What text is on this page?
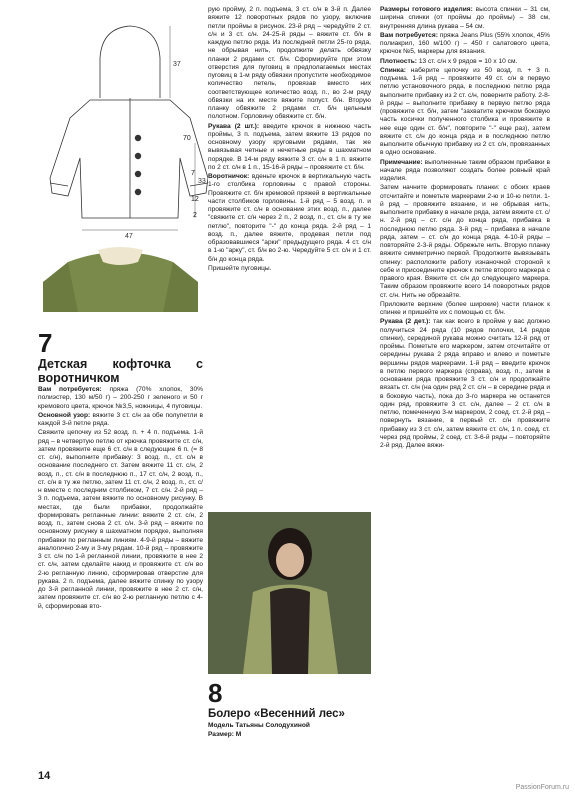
37
33
47
70
7
12
2

7

Детская кофточка с воротничком

Вам потребуется: пряжа (70% хлопок, 30% полиэстер, 130 м/50 г) – 200-250 г зеленого и 50 г кремового цвета, крючок №3,5, ножницы, 4 пуговицы.

Основной узор: вяжите 3 ст. с/н за обе полупетли в каждой 3-й петле ряда.

Свяжите цепочку из 52 возд. п. + 4 п. подъема. 1-й ряд – в четвертую петлю от крючка провяжите ст. с/н, затем провяжите еще 6 ст. с/н в следующие 6 п. (= 8 ст. с/н), выполните прибавку: 3 возд. п., ст. с/н в основание последнего ст. Затем вяжите 11 ст. с/н, 2 возд. п., ст. с/н в последнюю п., 17 ст. с/н, 2 возд. п., ст. с/н в ту же петлю, затем 11 ст. с/н, 2 возд. п., ст. с/н вместе с последним столбиком, 7 ст. с/н. 2-й ряд – 3 п. подъема, затем вяжите по основному рисунку. В местах, где были прибавки, продолжайте формировать регланные линии: вяжите 2 ст. с/н, 2 возд. п., затем снова 2 ст. с/н. 3-й ряд – вяжите по основному рисунку в шахматном порядке, выполняя прибавки по регланным линиям. 4-9-й ряды – вяжите аналогично 2-му и 3-му рядам. 10-й ряд – провяжите 3 ст. с/н по 1-й регланной линии, провяжите в нее 2 ст. с/н, затем сделайте накид и провяжите ст. с/н во 2-ю регланную линию, сформировав отверстие для рукава. 2 п. подъема, далее вяжите спинку по узору до 3-й регланной линии, провяжите в нее 2 ст. с/н, затем провяжите ст. с/н во 2-ю регланную петлю с 4-й, сформировав вто-

рую пройму, 2 п. подъема, 3 ст. с/н в 3-й п. Далее вяжите 12 поворотных рядов по узору, включив петли проймы в рисунок. 23-й ряд – чередуйте 2 ст. с/н и 3 ст. с/н. 24-25-й ряды – вяжите ст. б/н в каждую петлю ряда. Из последней петли 25-го ряда, не обрывая нить, продолжите делать обвязку планки 2 рядами ст. б/н. Сформируйте при этом отверстия для пуговиц в предполагаемых местах пуговиц в 1-м ряду обвязки пропустите необходимое количество петель, провязав вместо них соответствующее количество возд. п., во 2-м ряду обвязки на их месте вяжите полуст. б/н. Вторую планку обвяжите 2 рядами ст. б/н цельным полотном. Горловину обвяжите ст. б/н.

Рукава (2 шт.): введите крючок в нижнюю часть проймы, 3 п. подъема, затем вяжите 13 рядов по основному узору круговыми рядами, так же вывязывая четные и нечетные ряды в шахматном порядке. В 14-м ряду вяжите 3 ст. с/н в 1 п. вяжите по 2 ст. с/н в 1 п., 15-16-й ряды – провяжите ст. б/н.

Воротничок: вденьте крючок в вертикальную часть 1-го столбика горловины с правой стороны. Провяжите ст. б/н кремовой пряжей в вертикальные части столбиков горловины. 1-й ряд – 5 возд. п. и провяжите ст. с/н в основание этих возд. п., далее "свяжите ст. с/н через 2 п., 2 возд. п., ст. с/н в ту же петлю", повторите "-" до конца ряда. 2-й ряд – 1 возд. п., далее вяжите, продевая петли под образовавшиеся "арки" предыдущего ряда. 4 ст. с/н в 1-ю "арку", ст. б/н во 2-ю. Чередуйте 5 ст. с/н и 1 ст. б/н до конца ряда.

Пришейте пуговицы.

8

Болеро «Весенний лес»

Модель Татьяны Солодухиной

Размер: М

Размеры готового изделия: высота спинки – 31 см, ширина спинки (от проймы до проймы) – 38 см, внутренняя длина рукава – 54 см.

Вам потребуется: пряжа Jeans Plus (55% хлопок, 45% полиакрил, 160 м/100 г) – 450 г салатового цвета, крючок №5, маркеры для вязания.

Плотность: 13 ст. с/н х 9 рядов = 10 х 10 см.

Спинка: наберите цепочку из 50 возд. п. + 3 п. подъема. 1-й ряд – провяжите 49 ст. с/н в первую петлю установочного ряда, в последнюю петлю ряда выполните прибавку из 2 ст. с/н, поверните работу. 2-8-й ряды – выполните прибавку в первую петлю ряда (провяжите ст. б/н, затем "захватите крючком боковую часть косички полученного столбика и провяжите в нее еще один ст. б/н", повторите "-" еще раз), затем вяжите ст. с/н до конца ряда и в последнюю петлю выполните обычную прибавку из 2 ст. с/н, провязанных в одно основание.

Примечание: выполненные таким образом прибавки в начале ряда позволяют создать более ровный край изделия.

Затем начните формировать планки: с обоих краев отсчитайте и пометьте маркерами 2-ю и 10-ю петли. 1-й ряд – провяжите вязание, и не обрывая нить, выполните прибавку в начале ряда, затем вяжите ст. с/н. 2-й ряд – ст. с/н до конца ряда, прибавка в последнюю петлю ряда. 3-й ряд – прибавка в начале ряда, затем – ст. с/н до конца ряда. 4-10-й ряды – повторяйте 2-3-й ряды. Обрежьте нить. Вторую планку вяжите симметрично первой. Продолжите вывязывать спинку: расположите работу изнаночной стороной к себе и присоедините крючок к петле второго маркера с правого края. Вяжите ст. с/н до следующего маркера. Таким образом провяжите всего 14 поворотных рядов ст. с/н. Нить не обрезайте.

Приложите верхние (более широкие) части планок к спинке и пришейте их с помощью ст. б/н.

Рукава (2 дет.): так как всего в пройме у вас должно получиться 24 ряда (10 рядов полочки, 14 рядов спинки), серединой рукава можно считать 12-й ряд от проймы. Пометьте его маркером, затем отсчитайте от середины рукава 2 ряда вправо и влево и пометьте вершины рядов маркерами. 1-й ряд – введите крючок в петлю первого маркера (справа), возд. п., затем в основании ряда провяжите 3 ст. с/н и продолжайте вязать ст. с/н (на один ряд 2 ст. с/н – в середине ряда и в боковую часть), пока до 3-го маркера не останется один ряд, провяжите 3 ст. с/н, далее – 2 ст. с/н в петлю, помеченную 3-м маркером, 2 соед. ст. 2-й ряд – повернуть вязание, в первый ст. с/н провяжите прибавку из 3 ст. с/н, затем вяжите ст. с/н, 1 п. соед. ст. через ряд проймы, 2 соед. ст. 3-6-й ряды – повторяйте 2-й ряд. Далее вяжи-

14
PassionForum.ru
